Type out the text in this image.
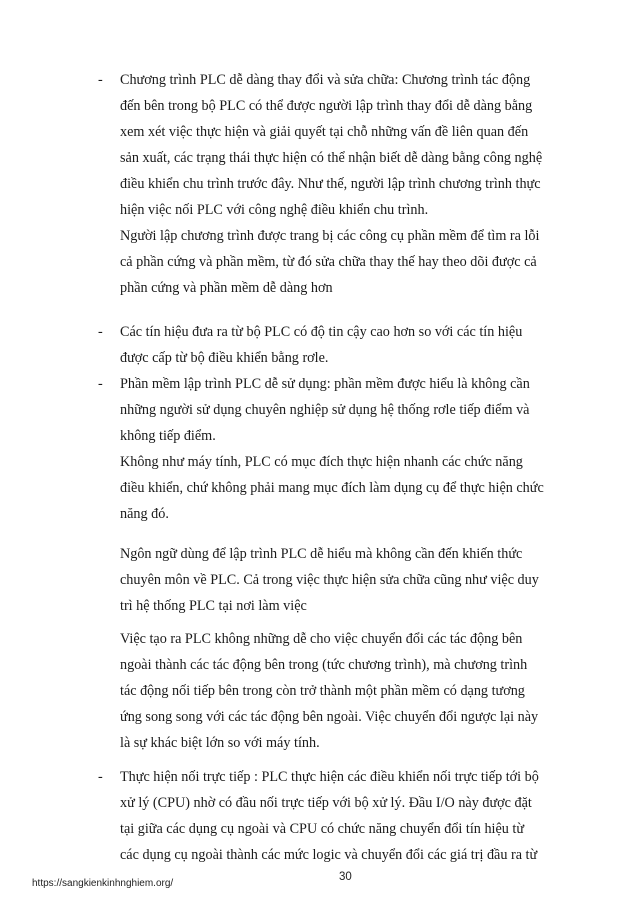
- Chương trình PLC dễ dàng thay đổi và sửa chữa: Chương trình tác động
đến bên trong bộ PLC có thể được người lập trình thay đổi dễ dàng bằng
xem xét việc thực hiện và giải quyết tại chỗ những vấn đề liên quan đến
sản xuất, các trạng thái thực hiện có thể nhận biết dễ dàng bằng công nghệ
điều khiển chu trình trước đây. Như thế, người lập trình chương trình thực
hiện việc nối PLC với công nghệ điều khiển chu trình.
Người lập chương trình được trang bị các công cụ phần mềm để tìm ra lỗi
cả phần cứng và phần mềm, từ đó sửa chữa thay thế hay theo dõi được cả
phần cứng và phần mềm dễ dàng hơn
- Các tín hiệu đưa ra từ bộ PLC có độ tin cậy cao hơn so với các tín hiệu
được cấp từ bộ điều khiển bằng rơle.
- Phần mềm lập trình PLC dễ sử dụng: phần mềm được hiểu là không cần
những người sử dụng chuyên nghiệp sử dụng hệ thống rơle tiếp điểm và
không tiếp điểm.
Không như máy tính, PLC có mục đích thực hiện nhanh các chức năng
điều khiển, chứ không phải mang mục đích làm dụng cụ để thực hiện chức
năng đó.
Ngôn ngữ dùng để lập trình PLC dễ hiểu mà không cần đến khiến thức
chuyên môn về PLC. Cả trong việc thực hiện sửa chữa cũng như việc duy
trì hệ thống PLC tại nơi làm việc
Việc tạo ra PLC không những dễ cho việc chuyển đổi các tác động bên
ngoài thành các tác động bên trong (tức chương trình), mà chương trình
tác động nối tiếp bên trong còn trở thành một phần mềm có dạng tương
ứng song song với các tác động bên ngoài. Việc chuyển đổi ngược lại này
là sự khác biệt lớn so với máy tính.
- Thực hiện nối trực tiếp : PLC thực hiện các điều khiển nối trực tiếp tới bộ
xử lý (CPU) nhờ có đầu nối trực tiếp với bộ xử lý. Đầu I/O này được đặt
tại giữa các dụng cụ ngoài và CPU có chức năng chuyển đổi tín hiệu từ
các dụng cụ ngoài thành các mức logic và chuyển đổi các giá trị đầu ra từ
https://sangkienkinhnghiem.org/
30
